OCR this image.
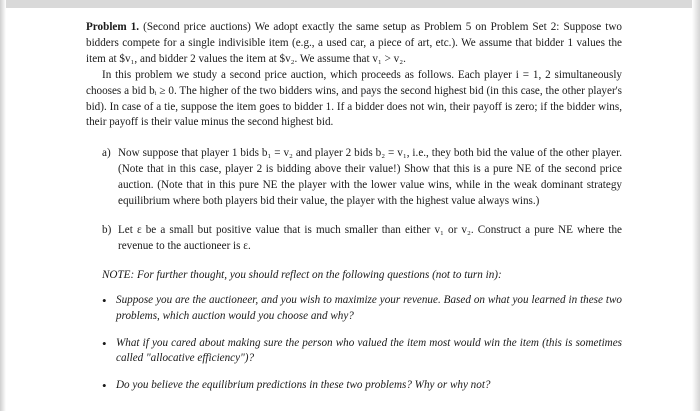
Problem 1. (Second price auctions) We adopt exactly the same setup as Problem 5 on Problem Set 2: Suppose two bidders compete for a single indivisible item (e.g., a used car, a piece of art, etc.). We assume that bidder 1 values the item at $v₁, and bidder 2 values the item at $v₂. We assume that v₁ > v₂.

In this problem we study a second price auction, which proceeds as follows. Each player i = 1, 2 simultaneously chooses a bid bᵢ ≥ 0. The higher of the two bidders wins, and pays the second highest bid (in this case, the other player's bid). In case of a tie, suppose the item goes to bidder 1. If a bidder does not win, their payoff is zero; if the bidder wins, their payoff is their value minus the second highest bid.

a) Now suppose that player 1 bids b₁ = v₂ and player 2 bids b₂ = v₁, i.e., they both bid the value of the other player. (Note that in this case, player 2 is bidding above their value!) Show that this is a pure NE of the second price auction. (Note that in this pure NE the player with the lower value wins, while in the weak dominant strategy equilibrium where both players bid their value, the player with the highest value always wins.)
b) Let ε be a small but positive value that is much smaller than either v₁ or v₂. Construct a pure NE where the revenue to the auctioneer is ε.

NOTE: For further thought, you should reflect on the following questions (not to turn in):

• Suppose you are the auctioneer, and you wish to maximize your revenue. Based on what you learned in these two problems, which auction would you choose and why?
• What if you cared about making sure the person who valued the item most would win the item (this is sometimes called "allocative efficiency")?
• Do you believe the equilibrium predictions in these two problems? Why or why not?
